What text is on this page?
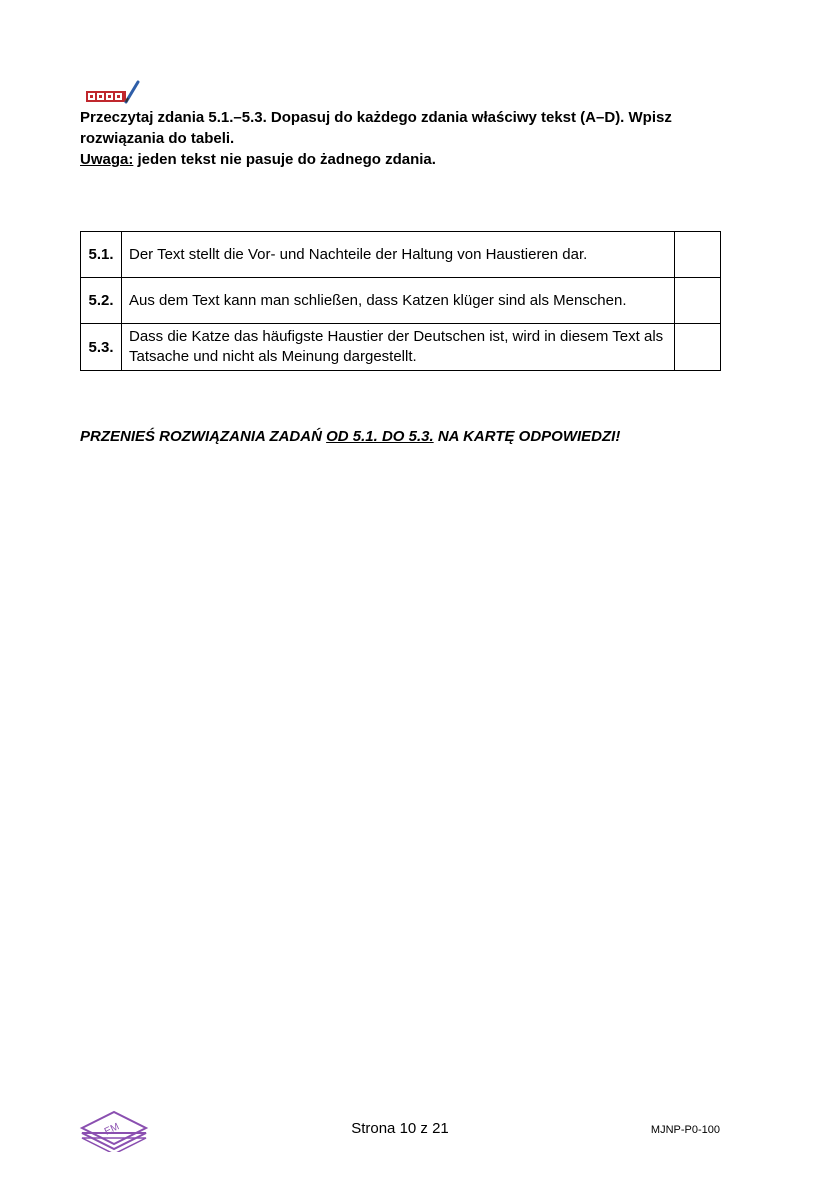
Przeczytaj zdania 5.1.–5.3. Dopasuj do każdego zdania właściwy tekst (A–D). Wpisz rozwiązania do tabeli.

Uwaga: jeden tekst nie pasuje do żadnego zdania.

5.1.	Der Text stellt die Vor- und Nachteile der Haltung von Haustieren dar.	
5.2.	Aus dem Text kann man schließen, dass Katzen klüger sind als Menschen.	
5.3.	Dass die Katze das häufigste Haustier der Deutschen ist, wird in diesem Text als Tatsache und nicht als Meinung dargestellt.	
PRZENIEŚ ROZWIĄZANIA ZADAŃ OD 5.1. DO 5.3. NA KARTĘ ODPOWIEDZI!
EM	Strona 10 z 21	MJNP-P0-100
